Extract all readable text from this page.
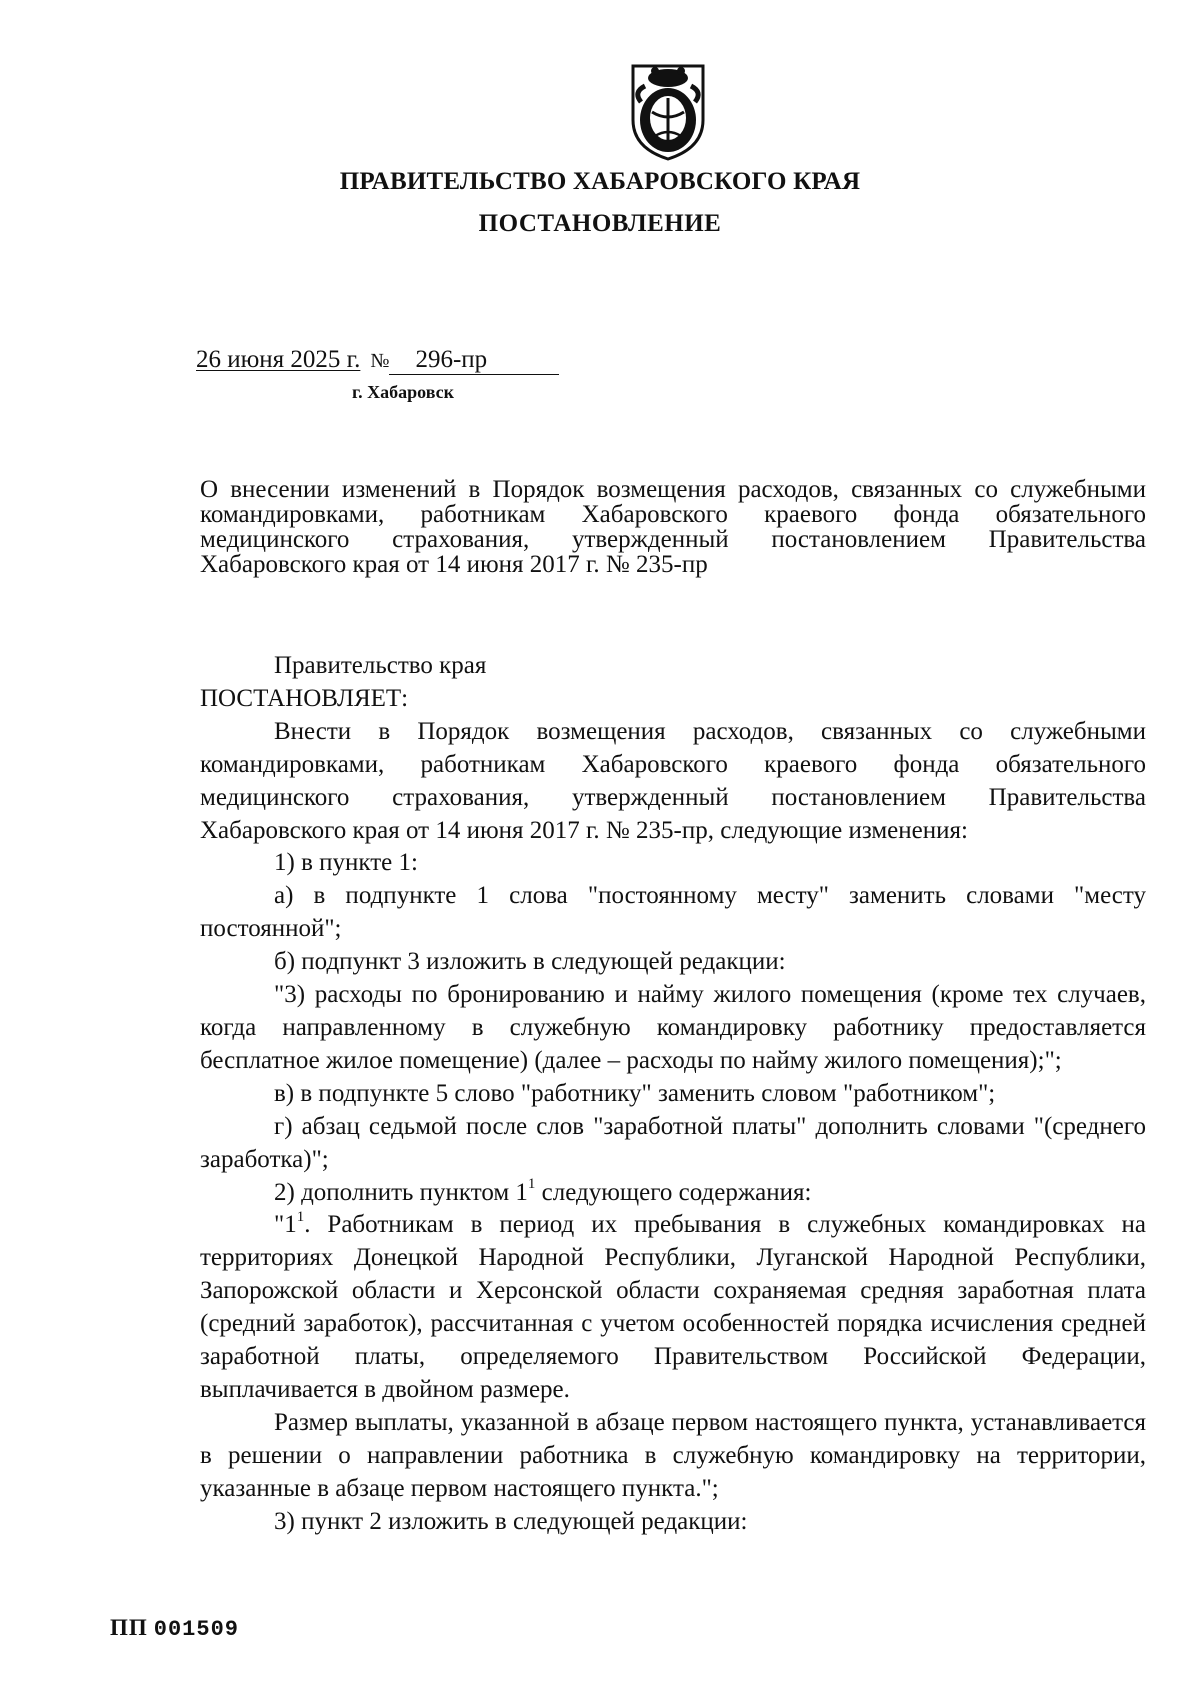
ПРАВИТЕЛЬСТВО ХАБАРОВСКОГО КРАЯ
ПОСТАНОВЛЕНИЕ
26 июня 2025 г. № 296-пр
г. Хабаровск
О внесении изменений в Порядок возмещения расходов, связанных со служебными командировками, работникам Хабаровского краевого фонда обязательного медицинского страхования, утвержденный постановлением Правительства Хабаровского края от 14 июня 2017 г. № 235-пр

Правительство края

ПОСТАНОВЛЯЕТ:

Внести в Порядок возмещения расходов, связанных со служебными командировками, работникам Хабаровского краевого фонда обязательного медицинского страхования, утвержденный постановлением Правительства Хабаровского края от 14 июня 2017 г. № 235-пр, следующие изменения:

1) в пункте 1:

а) в подпункте 1 слова "постоянному месту" заменить словами "месту постоянной";

б) подпункт 3 изложить в следующей редакции:

"3) расходы по бронированию и найму жилого помещения (кроме тех случаев, когда направленному в служебную командировку работнику предоставляется бесплатное жилое помещение) (далее – расходы по найму жилого помещения);";

в) в подпункте 5 слово "работнику" заменить словом "работником";

г) абзац седьмой после слов "заработной платы" дополнить словами "(среднего заработка)";

2) дополнить пунктом $1^1$ следующего содержания:

"$1^1$. Работникам в период их пребывания в служебных командировках на территориях Донецкой Народной Республики, Луганской Народной Республики, Запорожской области и Херсонской области сохраняемая средняя заработная плата (средний заработок), рассчитанная с учетом особенностей порядка исчисления средней заработной платы, определяемого Правительством Российской Федерации, выплачивается в двойном размере.

Размер выплаты, указанной в абзаце первом настоящего пункта, устанавливается в решении о направлении работника в служебную командировку на территории, указанные в абзаце первом настоящего пункта.";

3) пункт 2 изложить в следующей редакции:

ПП 001509
